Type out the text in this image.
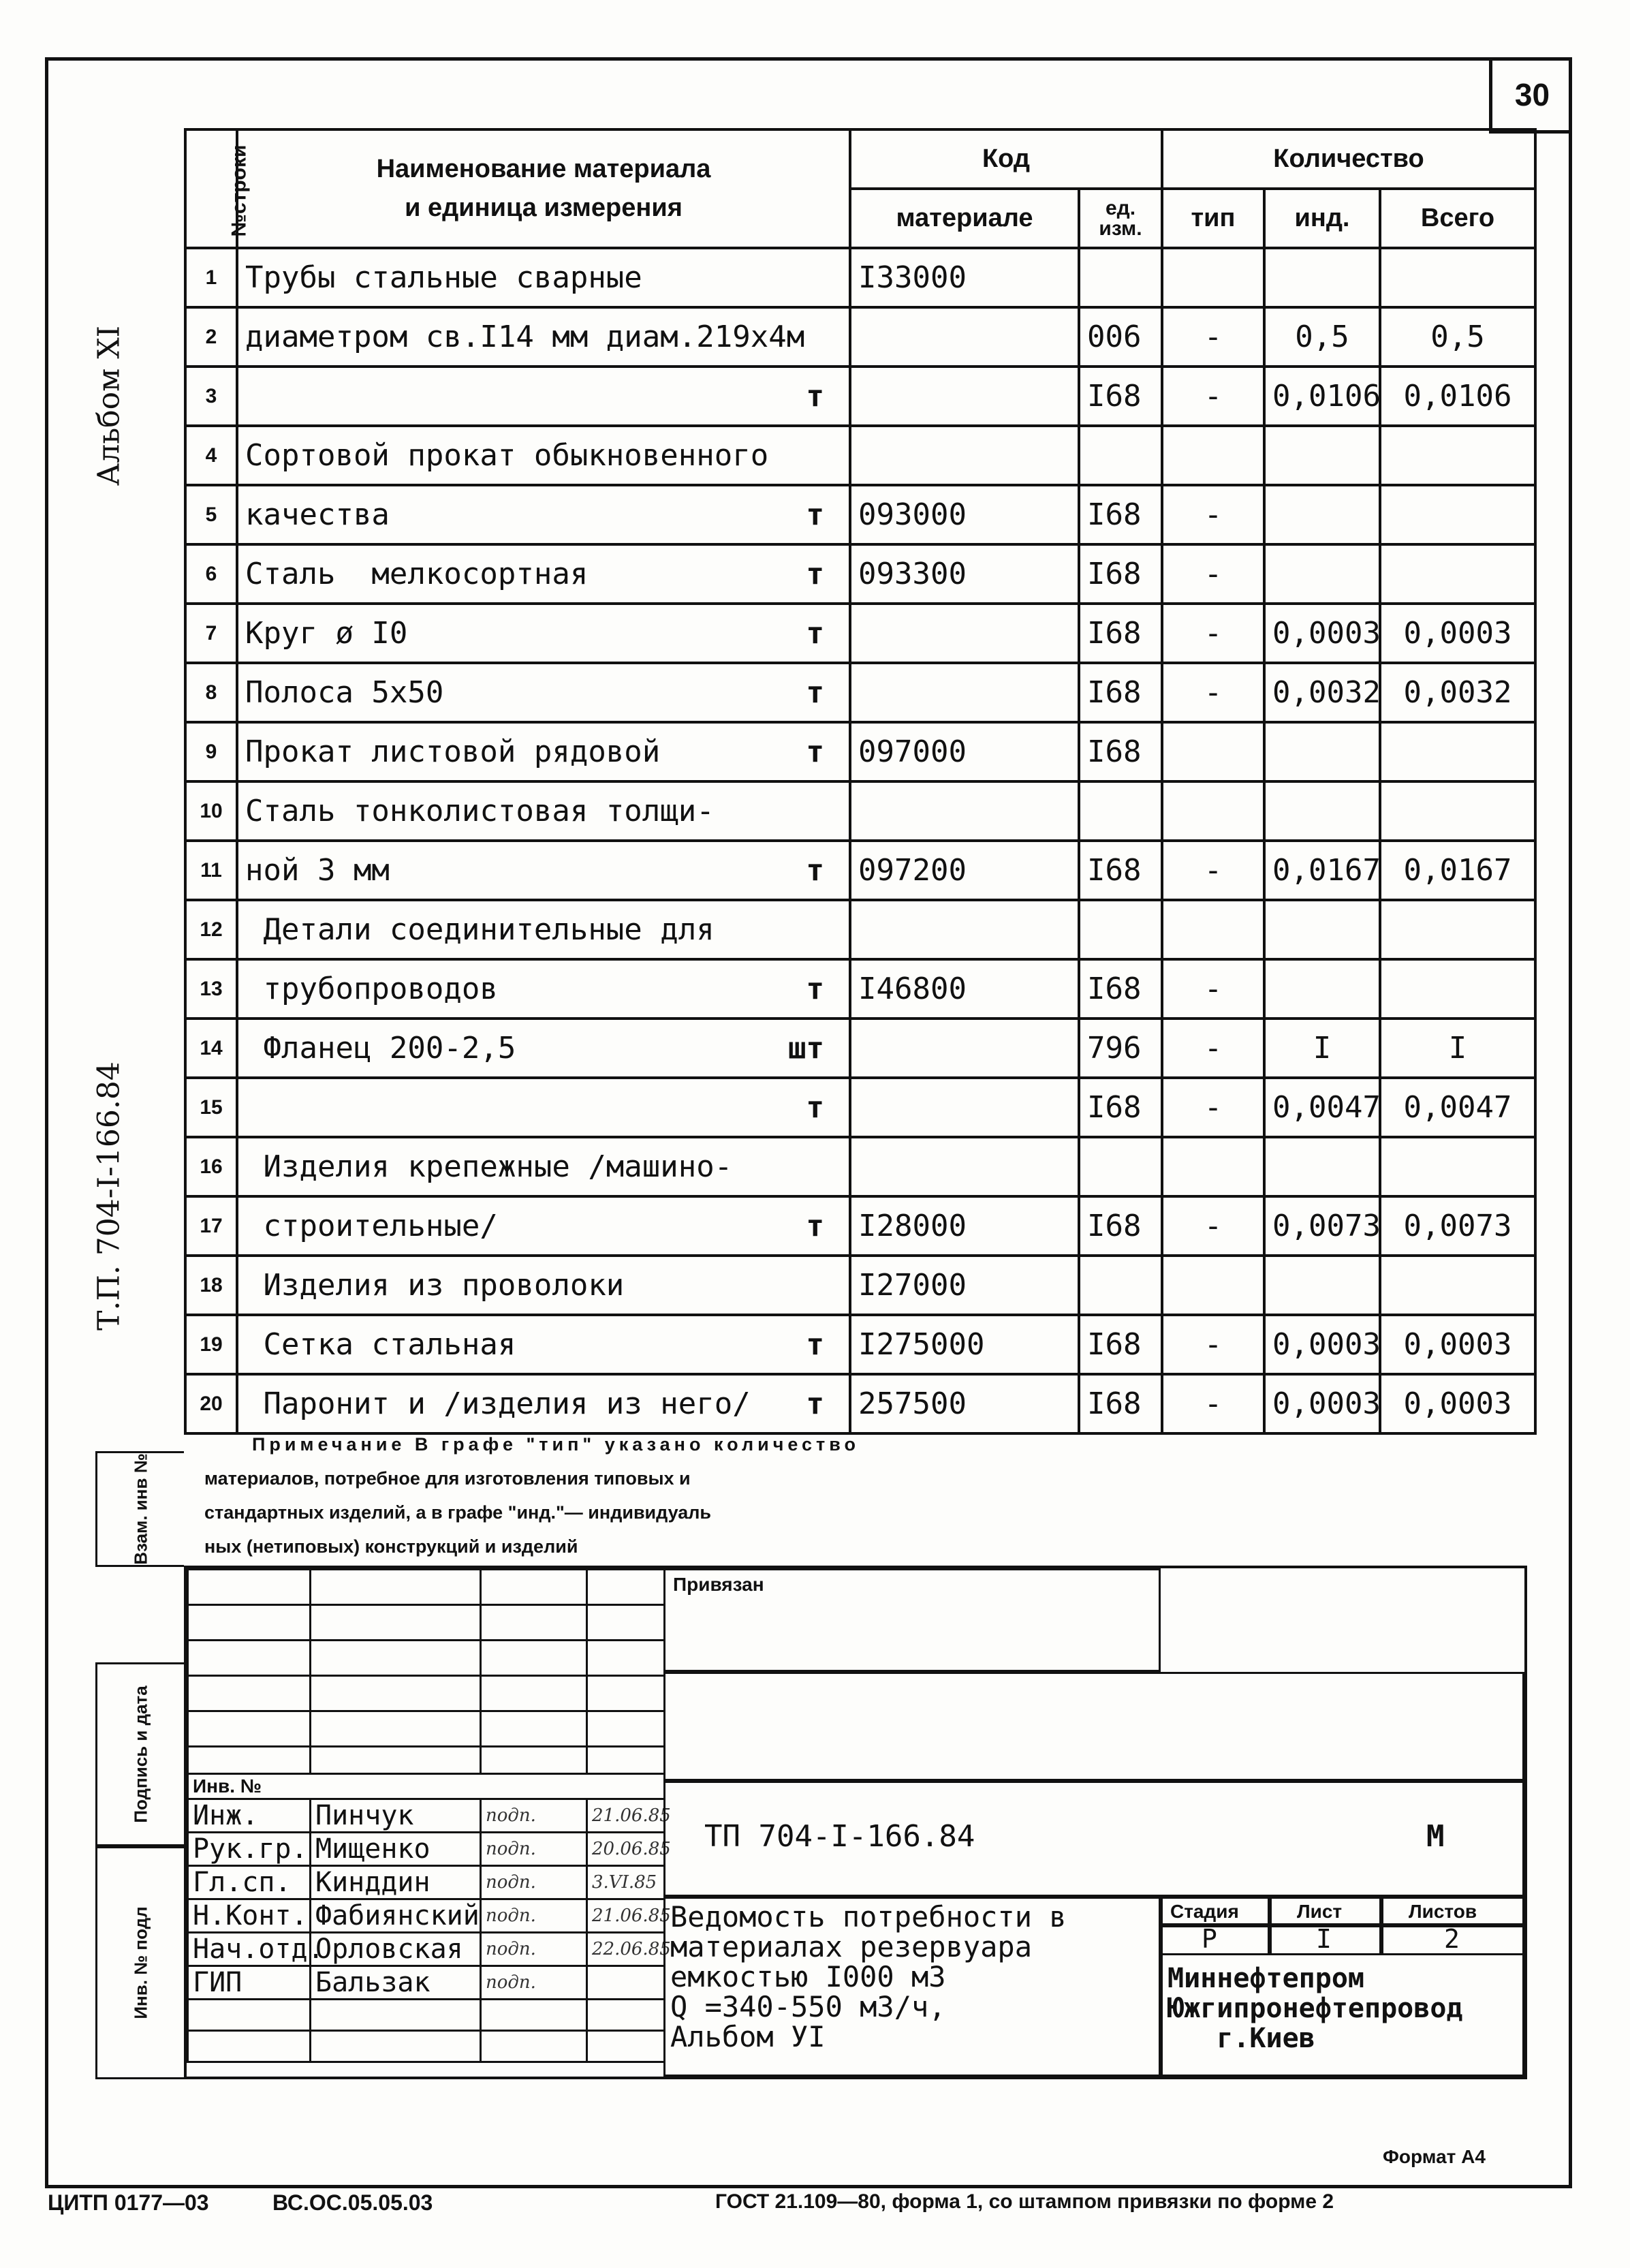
30
Альбом XI
Т.П. 704-I-166.84
№строки	Наименование материала
и единица измерения	Код		Количество		
		материале	ед. изм.	тип	инд.	Всего
1	Трубы стальные сварные	I33000				
2	диаметром св.I14 мм диам.219х4м		006	-	0,5	0,5
3	т		I68	-	0,0106	0,0106
4	Сортовой прокат обыкновенного

5	качества т	093000	I68	-		
6	Сталь  мелкосортная т	093300	I68	-		
7	Круг ø I0 т		I68	-	0,0003	0,0003
8	Полоса 5х50 т		I68	-	0,0032	0,0032
9	Прокат листовой рядовой т	097000	I68			
10	Сталь тонколистовая толщи-

11	ной 3 мм т	097200	I68	-	0,0167	0,0167
12	Детали соединительные для

13	трубопроводов т	I46800	I68	-		
14	Фланец 200-2,5 шт		796	-	I	I
15	т		I68	-	0,0047	0,0047
16	Изделия крепежные /машино-

17	строительные/ т	I28000	I68	-	0,0073	0,0073
18	Изделия из проволоки	I27000				
19	Сетка стальная т	I275000	I68	-	0,0003	0,0003
20	Паронит и /изделия из него/ т	257500	I68	-	0,0003	0,0003
Примечание В графе "тип" указано количество
материалов, потребное для изготовления типовых и
стандартных изделий, а в графе "инд."— индивидуаль
ных (нетиповых) конструкций и изделий
Взам. инв №
Подпись и дата
Инв. № подл

Инв. №			
Инж.	Пинчук	подп.	21.06.85
Рук.гр.	Мищенко	подп.	20.06.85
Гл.сп.	Кинддин	подп.	3.VI.85
Н.Конт.	Фабиянский	подп.	21.06.85
Нач.отд.	Орловская	подп.	22.06.85
ГИП	Бальзак	подп.	

Привязан
ТП 704-I-166.84	М
Ведомость потребности в
материалах резервуара
емкостью I000 м3
Q =340-550 м3/ч,
Альбом УI
Стадия	Лист	Листов
Р	I	2
Миннефтепром
Южгипронефтепровод
г.Киев
Формат А4
ЦИТП 0177—03	ВС.ОС.05.05.03	ГОСТ 21.109—80, форма 1, со штампом привязки по форме 2
